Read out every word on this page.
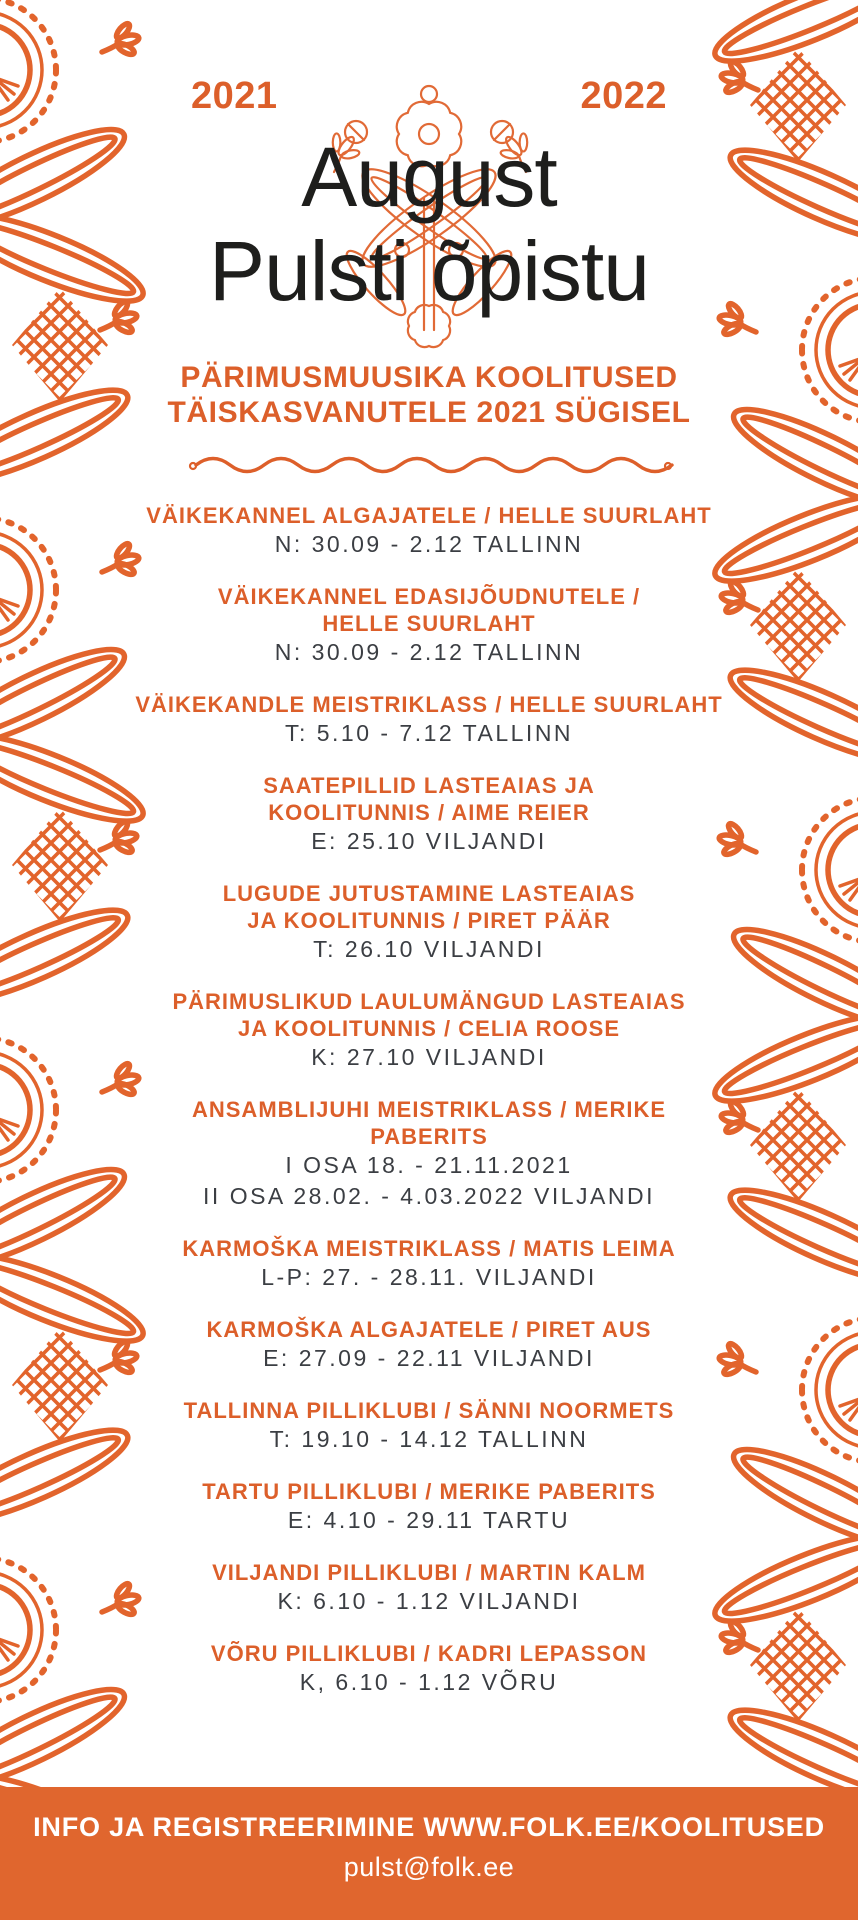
2021	2022
August
Pulsti õpistu
PÄRIMUSMUUSIKA KOOLITUSED
TÄISKASVANUTELE 2021 SÜGISEL
VÄIKEKANNEL ALGAJATELE / HELLE SUURLAHT
N: 30.09 - 2.12 TALLINN
VÄIKEKANNEL EDASIJÕUDNUTELE /
HELLE SUURLAHT
N: 30.09 - 2.12 TALLINN
VÄIKEKANDLE MEISTRIKLASS / HELLE SUURLAHT
T: 5.10 - 7.12 TALLINN
SAATEPILLID LASTEAIAS JA
KOOLITUNNIS / AIME REIER
E: 25.10 VILJANDI
LUGUDE JUTUSTAMINE LASTEAIAS
JA KOOLITUNNIS / PIRET PÄÄR
T: 26.10 VILJANDI
PÄRIMUSLIKUD LAULUMÄNGUD LASTEAIAS
JA KOOLITUNNIS / CELIA ROOSE
K: 27.10 VILJANDI
ANSAMBLIJUHI MEISTRIKLASS / MERIKE PABERITS
I OSA 18. - 21.11.2021
II OSA 28.02. - 4.03.2022 VILJANDI
KARMOŠKA MEISTRIKLASS / MATIS LEIMA
L-P: 27. - 28.11. VILJANDI
KARMOŠKA ALGAJATELE / PIRET AUS
E: 27.09 - 22.11 VILJANDI
TALLINNA PILLIKLUBI / SÄNNI NOORMETS
T: 19.10 - 14.12 TALLINN
TARTU PILLIKLUBI / MERIKE PABERITS
E: 4.10 - 29.11 TARTU
VILJANDI PILLIKLUBI / MARTIN KALM
K: 6.10 - 1.12 VILJANDI
VÕRU PILLIKLUBI / KADRI LEPASSON
K, 6.10 - 1.12 VÕRU
INFO JA REGISTREERIMINE WWW.FOLK.EE/KOOLITUSED
pulst@folk.ee
